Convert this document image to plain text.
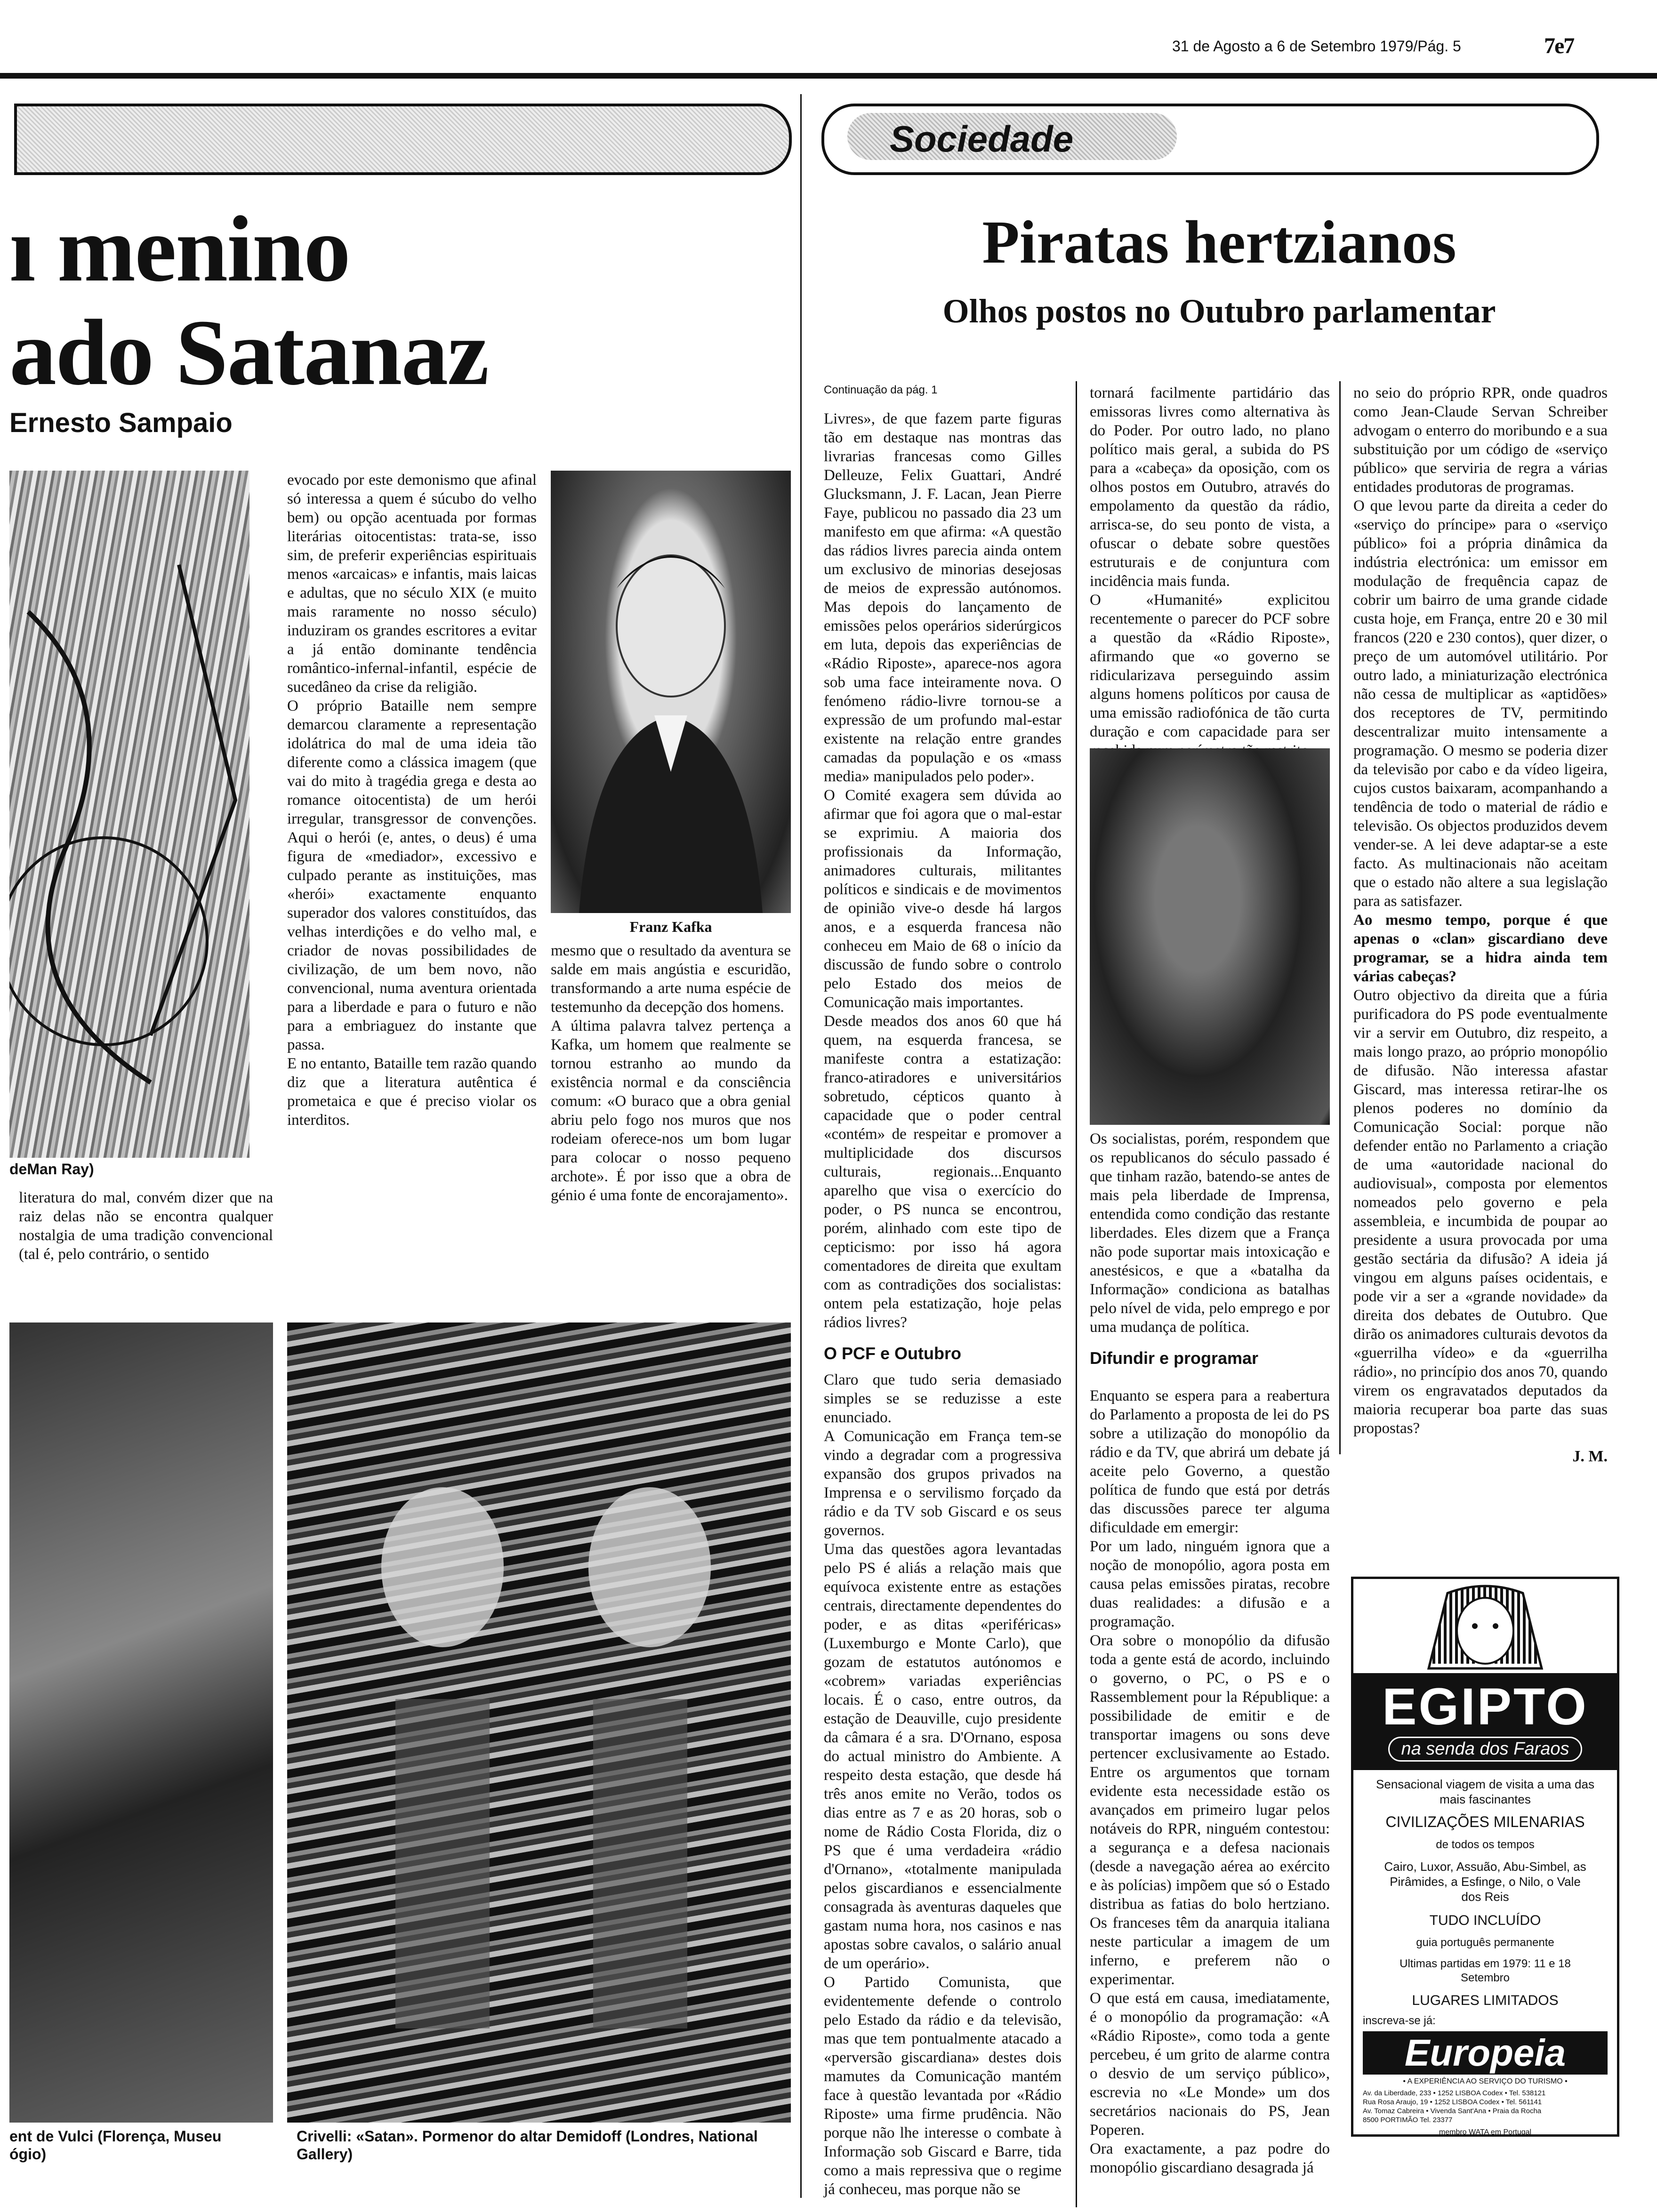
31 de Agosto a 6 de Setembro 1979/Pág. 5	7e7
Sociedade
ı menino
ado Satanaz
Ernesto Sampaio
deMan Ray)
literatura do mal, convém dizer que na raiz delas não se encontra qualquer nostalgia de uma tradição convencional (tal é, pelo contrário, o sentido

evocado por este demonismo que afinal só interessa a quem é súcubo do velho bem) ou opção acentuada por formas literárias oitocentistas: trata-se, isso sim, de preferir experiências espirituais menos «arcaicas» e infantis, mais laicas e adultas, que no século XIX (e muito mais raramente no nosso século) induziram os grandes escritores a evitar a já então dominante tendência romântico-infernal-infantil, espécie de sucedâneo da crise da religião.

O próprio Bataille nem sempre demarcou claramente a representação idolátrica do mal de uma ideia tão diferente como a clássica imagem (que vai do mito à tragédia grega e desta ao romance oitocentista) de um herói irregular, transgressor de convenções. Aqui o herói (e, antes, o deus) é uma figura de «mediador», excessivo e culpado perante as instituições, mas «herói» exactamente enquanto superador dos valores constituídos, das velhas interdições e do velho mal, e criador de novas possibilidades de civilização, de um bem novo, não convencional, numa aventura orientada para a liberdade e para o futuro e não para a embriaguez do instante que passa.

E no entanto, Bataille tem razão quando diz que a literatura autêntica é prometaica e que é preciso violar os interditos.

Franz Kafka

mesmo que o resultado da aventura se salde em mais angústia e escuridão, transformando a arte numa espécie de testemunho da decepção dos homens.

A última palavra talvez pertença a Kafka, um homem que realmente se tornou estranho ao mundo da existência normal e da consciência comum: «O buraco que a obra genial abriu pelo fogo nos muros que nos rodeiam oferece-nos um bom lugar para colocar o nosso pequeno archote». É por isso que a obra de génio é uma fonte de encorajamento».

ent de Vulci (Florença, Museu ógio)
Crivelli: «Satan». Pormenor do altar Demidoff (Londres, National Gallery)
Piratas hertzianos
Olhos postos no Outubro parlamentar
Continuação da pág. 1

Livres», de que fazem parte figuras tão em destaque nas montras das livrarias francesas como Gilles Delleuze, Felix Guattari, André Glucksmann, J. F. Lacan, Jean Pierre Faye, publicou no passado dia 23 um manifesto em que afirma: «A questão das rádios livres parecia ainda ontem um exclusivo de minorias desejosas de meios de expressão autónomos. Mas depois do lançamento de emissões pelos operários siderúrgicos em luta, depois das experiências de «Rádio Riposte», aparece-nos agora sob uma face inteiramente nova. O fenómeno rádio-livre tornou-se a expressão de um profundo mal-estar existente na relação entre grandes camadas da população e os «mass media» manipulados pelo poder».

O Comité exagera sem dúvida ao afirmar que foi agora que o mal-estar se exprimiu. A maioria dos profissionais da Informação, animadores culturais, militantes políticos e sindicais e de movimentos de opinião vive-o desde há largos anos, e a esquerda francesa não conheceu em Maio de 68 o início da discussão de fundo sobre o controlo pelo Estado dos meios de Comunicação mais importantes.

Desde meados dos anos 60 que há quem, na esquerda francesa, se manifeste contra a estatização: franco-atiradores e universitários sobretudo, cépticos quanto à capacidade que o poder central «contém» de respeitar e promover a multiplicidade dos discursos culturais, regionais...Enquanto aparelho que visa o exercício do poder, o PS nunca se encontrou, porém, alinhado com este tipo de cepticismo: por isso há agora comentadores de direita que exultam com as contradições dos socialistas: ontem pela estatização, hoje pelas rádios livres?

O PCF e Outubro

Claro que tudo seria demasiado simples se se reduzisse a este enunciado.

A Comunicação em França tem-se vindo a degradar com a progressiva expansão dos grupos privados na Imprensa e o servilismo forçado da rádio e da TV sob Giscard e os seus governos.

Uma das questões agora levantadas pelo PS é aliás a relação mais que equívoca existente entre as estações centrais, directamente dependentes do poder, e as ditas «periféricas» (Luxemburgo e Monte Carlo), que gozam de estatutos autónomos e «cobrem» variadas experiências locais. É o caso, entre outros, da estação de Deauville, cujo presidente da câmara é a sra. D'Ornano, esposa do actual ministro do Ambiente. A respeito desta estação, que desde há três anos emite no Verão, todos os dias entre as 7 e as 20 horas, sob o nome de Rádio Costa Florida, diz o PS que é uma verdadeira «rádio d'Ornano», «totalmente manipulada pelos giscardianos e essencialmente consagrada às aventuras daqueles que gastam numa hora, nos casinos e nas apostas sobre cavalos, o salário anual de um operário».

O Partido Comunista, que evidentemente defende o controlo pelo Estado da rádio e da televisão, mas que tem pontualmente atacado a «perversão giscardiana» destes dois mamutes da Comunicação mantém face à questão levantada por «Rádio Riposte» uma firme prudência. Não porque não lhe interesse o combate à Informação sob Giscard e Barre, tida como a mais repressiva que o regime já conheceu, mas porque não se

tornará facilmente partidário das emissoras livres como alternativa às do Poder. Por outro lado, no plano político mais geral, a subida do PS para a «cabeça» da oposição, com os olhos postos em Outubro, através do empolamento da questão da rádio, arrisca-se, do seu ponto de vista, a ofuscar o debate sobre questões estruturais e de conjuntura com incidência mais funda.

O «Humanité» explicitou recentemente o parecer do PCF sobre a questão da «Rádio Riposte», afirmando que «o governo se ridicularizava perseguindo assim alguns homens políticos por causa de uma emissão radiofónica de tão curta duração e com capacidade para ser

Os socialistas, porém, respondem que os republicanos do século passado é que tinham razão, batendo-se antes de mais pela liberdade de Imprensa, entendida como condição das restante liberdades. Eles dizem que a França não pode suportar mais intoxicação e anestésicos, e que a «batalha da Informação» condiciona as batalhas pelo nível de vida, pelo emprego e por uma mudança de política.

Difundir e programar

Enquanto se espera para a reabertura do Parlamento a proposta de lei do PS sobre a utilização do monopólio da rádio e da TV, que abrirá um debate já aceite pelo Governo, a questão política de fundo que está por detrás das discussões parece ter alguma dificuldade em emergir:

Por um lado, ninguém ignora que a noção de monopólio, agora posta em causa pelas emissões piratas, recobre duas realidades: a difusão e a programação.

Ora sobre o monopólio da difusão toda a gente está de acordo, incluindo o governo, o PC, o PS e o Rassemblement pour la République: a possibilidade de emitir e de transportar imagens ou sons deve pertencer exclusivamente ao Estado. Entre os argumentos que tornam evidente esta necessidade estão os avançados em primeiro lugar pelos notáveis do RPR, ninguém contestou: a segurança e a defesa nacionais (desde a navegação aérea ao exército e às polícias) impõem que só o Estado distribua as fatias do bolo hertziano. Os franceses têm da anarquia italiana neste particular a imagem de um inferno, e preferem não o experimentar.

O que está em causa, imediatamente, é o monopólio da programação: «A «Rádio Riposte», como toda a gente percebeu, é um grito de alarme contra o desvio de um serviço público», escrevia no «Le Monde» um dos secretários nacionais do PS, Jean Poperen.

Ora exactamente, a paz podre do monopólio giscardiano desagrada já

no seio do próprio RPR, onde quadros como Jean-Claude Servan Schreiber advogam o enterro do moribundo e a sua substituição por um código de «serviço público» que serviria de regra a várias entidades produtoras de programas.

O que levou parte da direita a ceder do «serviço do príncipe» para o «serviço público» foi a própria dinâmica da indústria electrónica: um emissor em modulação de frequência capaz de cobrir um bairro de uma grande cidade custa hoje, em França, entre 20 e 30 mil francos (220 e 230 contos), quer dizer, o preço de um automóvel utilitário. Por outro lado, a miniaturização electrónica não cessa de multiplicar as «aptidões» dos receptores de TV, permitindo descentralizar muito intensamente a programação. O mesmo se poderia dizer da televisão por cabo e da vídeo ligeira, cujos custos baixaram, acompanhando a tendência de todo o material de rádio e televisão. Os objectos produzidos devem vender-se. A lei deve adaptar-se a este facto. As multinacionais não aceitam que o estado não altere a sua legislação para as satisfazer.

Ao mesmo tempo, porque é que apenas o «clan» giscardiano deve programar, se a hidra ainda tem várias cabeças?

Outro objectivo da direita que a fúria purificadora do PS pode eventualmente vir a servir em Outubro, diz respeito, a mais longo prazo, ao próprio monopólio de difusão. Não interessa afastar Giscard, mas interessa retirar-lhe os plenos poderes no domínio da Comunicação Social: porque não defender então no Parlamento a criação de uma «autoridade nacional do audiovisual», composta por elementos nomeados pelo governo e pela assembleia, e incumbida de poupar ao presidente a usura provocada por uma gestão sectária da difusão? A ideia já vingou em alguns países ocidentais, e pode vir a ser a «grande novidade» da direita dos debates de Outubro. Que dirão os animadores culturais devotos da «guerrilha vídeo» e da «guerrilha rádio», no princípio dos anos 70, quando virem os engravatados deputados da maioria recuperar boa parte das suas propostas?

J. M.

EGIPTO
na senda dos Faraos
Sensacional viagem de visita a uma das mais fascinantes
CIVILIZAÇÕES MILENARIAS
de todos os tempos
Cairo, Luxor, Assuão, Abu-Simbel, as Pirâmides, a Esfinge, o Nilo, o Vale dos Reis
TUDO INCLUÍDO
guia português permanente
Ultimas partidas em 1979: 11 e 18 Setembro
LUGARES LIMITADOS
inscreva-se já:
Europeia
• A EXPERIÊNCIA AO SERVIÇO DO TURISMO •
Av. da Liberdade, 233 • 1252 LISBOA Codex • Tel. 538121
Rua Rosa Araujo, 19 • 1252 LISBOA Codex • Tel. 561141
Av. Tomaz Cabreira • Vivenda Sant'Ana • Praia da Rocha
8500 PORTIMÃO Tel. 23377
membro WATA em Portugal
